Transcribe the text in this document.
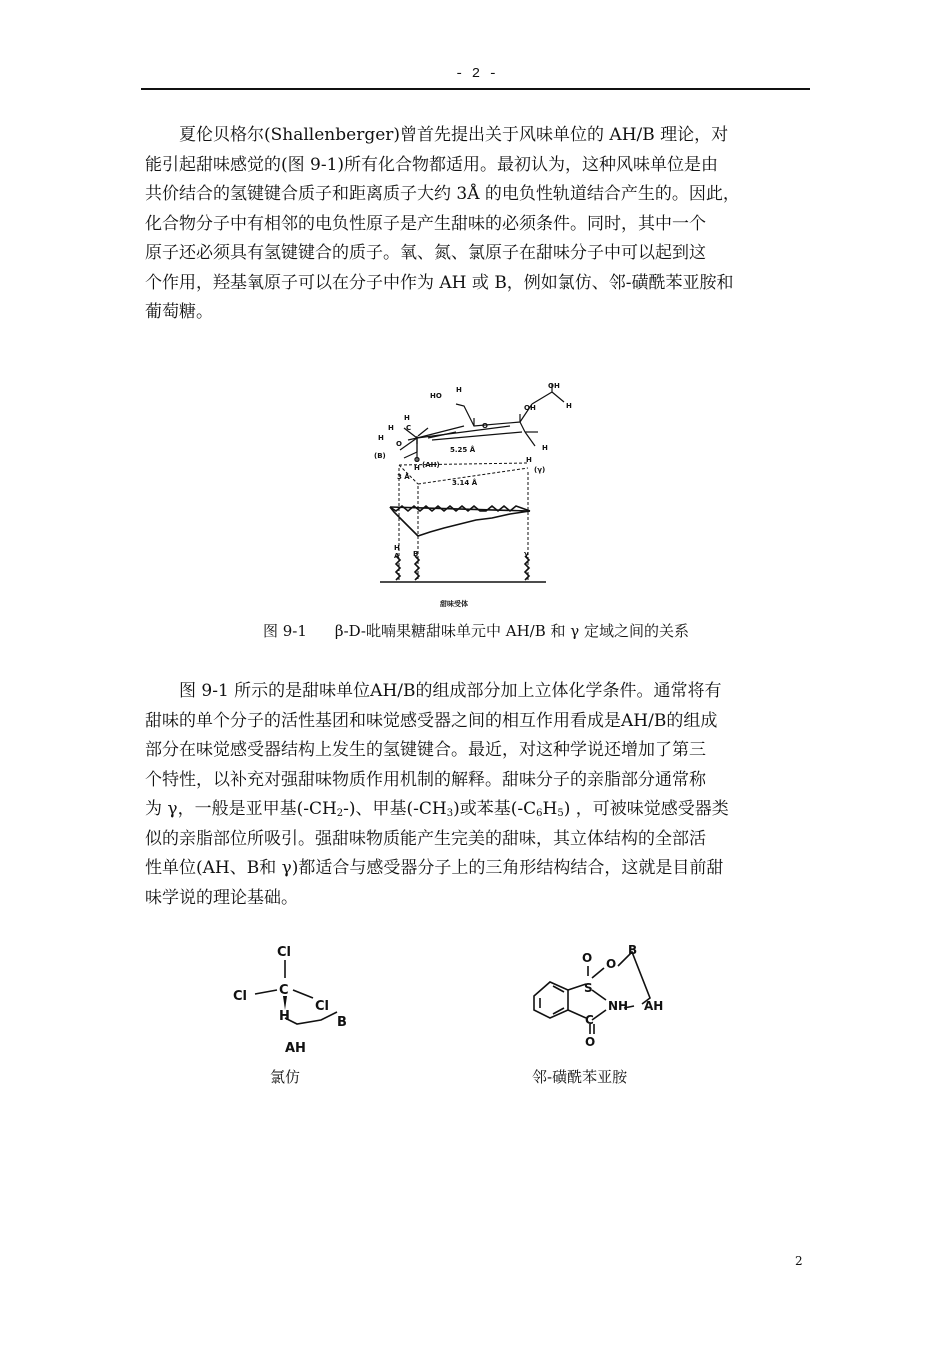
- 2 -
夏伦贝格尔(Shallenberger)曾首先提出关于风味单位的 AH/B 理论，对
能引起甜味感觉的(图 9-1)所有化合物都适用。最初认为，这种风味单位是由
共价结合的氢键键合质子和距离质子大约 3Å 的电负性轨道结合产生的。因此，
化合物分子中有相邻的电负性原子是产生甜味的必须条件。同时，其中一个
原子还必须具有氢键键合的质子。氧、氮、氯原子在甜味分子中可以起到这
个作用，羟基氧原子可以在分子中作为 AH 或 B，例如氯仿、邻-磺酰苯亚胺和
葡萄糖。
HO
H	OH
H
OH
H
H C
H
O
H
O
O
H
H
(B)
(AH)
(γ)
5.25 Å
3 Å
3.14 Å
H
A B	γ
甜味受体
图 9-1 β-D-吡喃果糖甜味单元中 AH/B 和 γ 定域之间的关系
图 9-1 所示的是甜味单位AH/B的组成部分加上立体化学条件。通常将有
甜味的单个分子的活性基团和味觉感受器之间的相互作用看成是AH/B的组成
部分在味觉感受器结构上发生的氢键键合。最近，对这种学说还增加了第三
个特性，以补充对强甜味物质作用机制的解释。甜味分子的亲脂部分通常称
为 γ，一般是亚甲基$(-CH_2-)$、甲基$(-CH_3)$或苯基$(-C_6H_5)$ ，可被味觉感受器类
似的亲脂部位所吸引。强甜味物质能产生完美的甜味，其立体结构的全部活
性单位(AH、B和 γ)都适合与感受器分子上的三角形结构结合，这就是目前甜
味学说的理论基础。
Cl
Cl
Cl
C
H	B
AH
O O
S
NH
C
O
B
AH
氯仿	邻-磺酰苯亚胺
2
